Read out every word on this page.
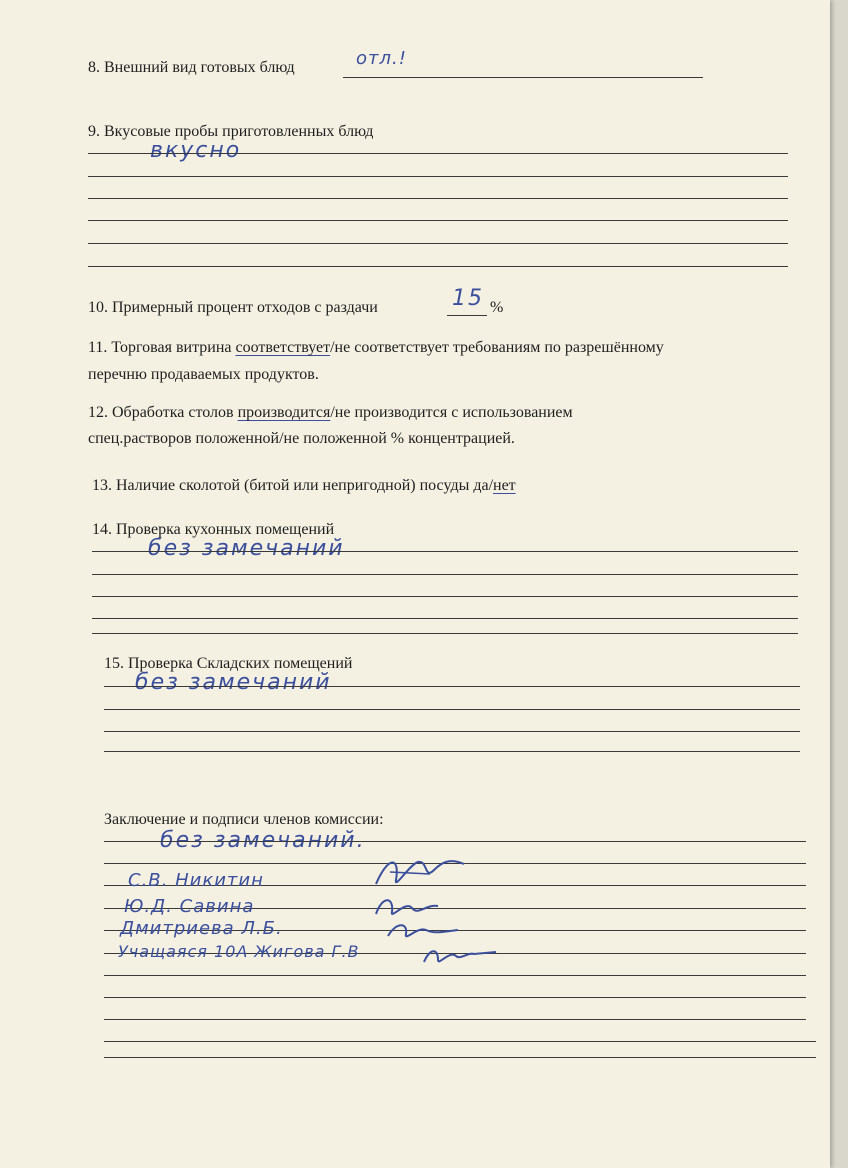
8. Внешний вид готовых блюд	отл.!
9. Вкусовые пробы приготовленных блюд
вкусно
10. Примерный процент отходов с раздачи	15 %
11. Торговая витрина соответствует/не соответствует требованиям по разрешённому
перечню продаваемых продуктов.
12. Обработка столов производится/не производится с использованием
спец.растворов положенной/не положенной % концентрацией.
13. Наличие сколотой (битой или непригодной) посуды да/нет
14. Проверка кухонных помещений
без замечаний
15. Проверка Складских помещений
без замечаний
Заключение и подписи членов комиссии:
без замечаний.
С.В. Никитин
Ю.Д. Савина
Дмитриева Л.Б.
Учащаяся 10А Жигова Г.В
